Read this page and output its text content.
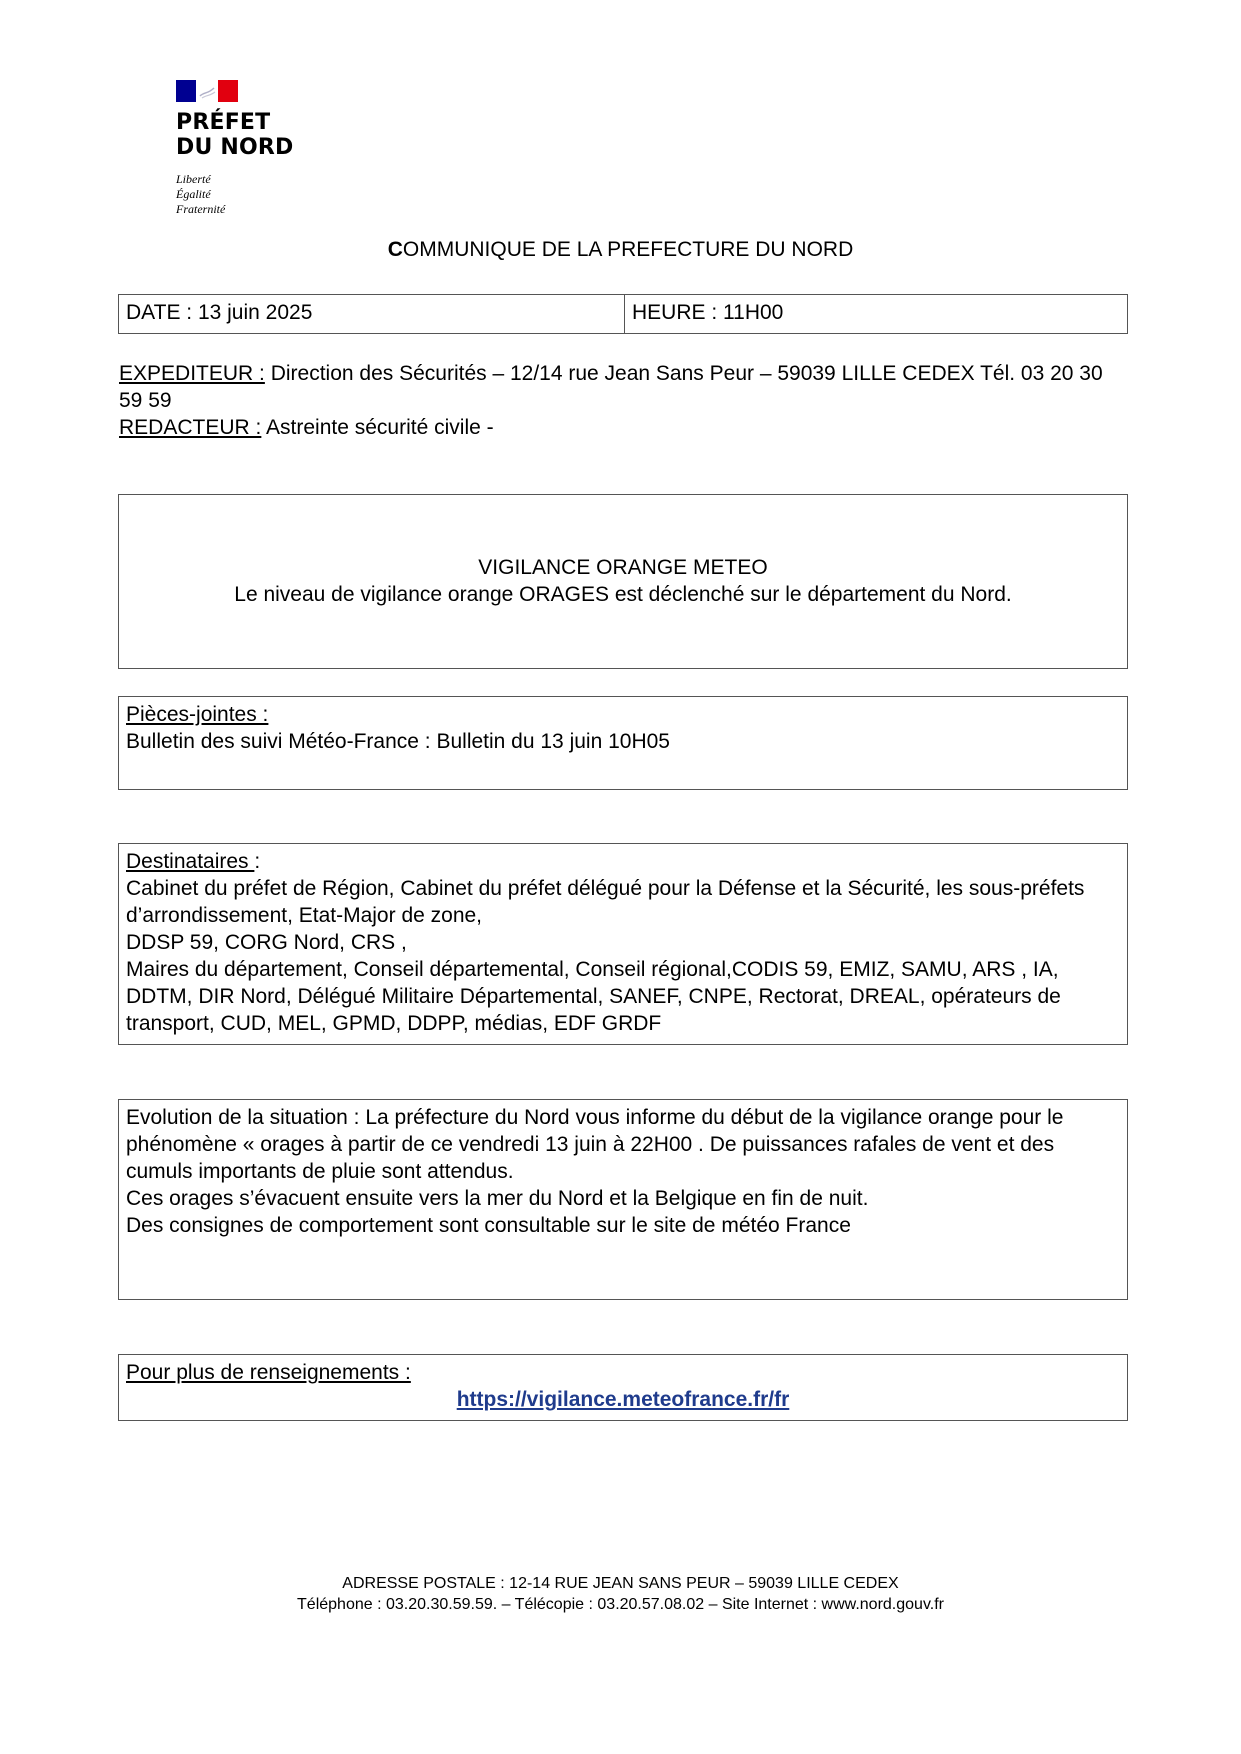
PRÉFET
DU NORD
Liberté
Égalité
Fraternité
COMMUNIQUE DE LA PREFECTURE DU NORD
DATE : 13 juin 2025	HEURE : 11H00
EXPEDITEUR : Direction des Sécurités – 12/14 rue Jean Sans Peur – 59039 LILLE CEDEX Tél. 03 20 30 59 59
REDACTEUR : Astreinte sécurité civile -
VIGILANCE ORANGE METEO
Le niveau de vigilance orange ORAGES est déclenché sur le département du Nord.
Pièces-jointes :
Bulletin des suivi Météo-France : Bulletin du 13 juin 10H05
Destinataires :
Cabinet du préfet de Région, Cabinet du préfet délégué pour la Défense et la Sécurité, les sous-préfets d’arrondissement, Etat-Major de zone,
DDSP 59, CORG Nord, CRS ,
Maires du département, Conseil départemental, Conseil régional,CODIS 59, EMIZ, SAMU, ARS , IA, DDTM, DIR Nord, Délégué Militaire Départemental, SANEF, CNPE, Rectorat, DREAL, opérateurs de transport, CUD, MEL, GPMD, DDPP, médias, EDF GRDF
Evolution de la situation : La préfecture du Nord vous informe du début de la vigilance orange pour le phénomène « orages à partir de ce vendredi 13 juin à 22H00 . De puissances rafales de vent et des cumuls importants de pluie sont attendus.
Ces orages s’évacuent ensuite vers la mer du Nord et la Belgique en fin de nuit.
Des consignes de comportement sont consultable sur le site de météo France
Pour plus de renseignements :
https://vigilance.meteofrance.fr/fr
ADRESSE POSTALE : 12-14 RUE JEAN SANS PEUR – 59039 LILLE CEDEX
Téléphone : 03.20.30.59.59. – Télécopie : 03.20.57.08.02 – Site Internet : www.nord.gouv.fr
